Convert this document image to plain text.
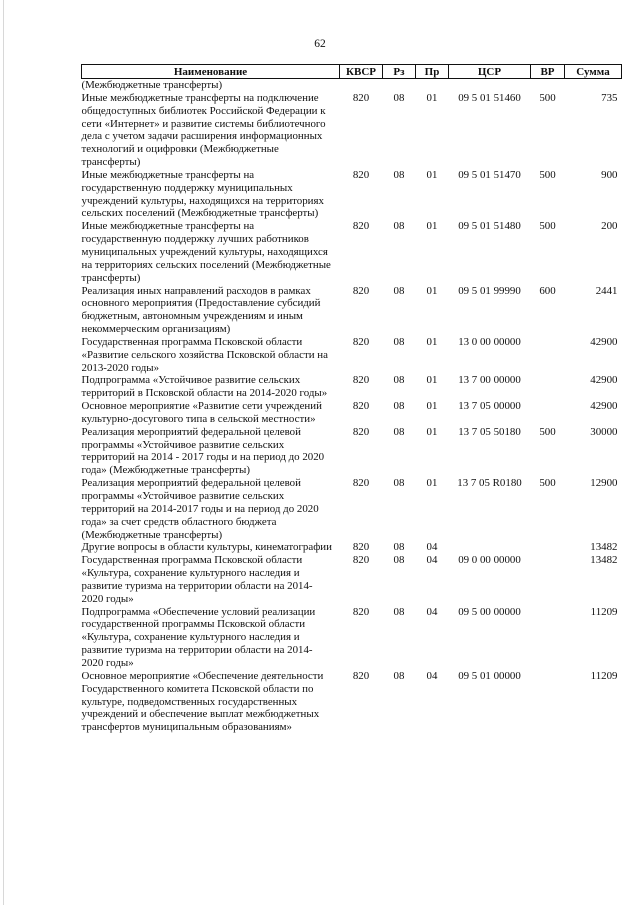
62
Наименование	КВСР	Рз	Пр	ЦСР	ВР	Сумма
(Межбюджетные трансферты)						
Иные межбюджетные трансферты на подключение общедоступных библиотек Российской Федерации к сети «Интернет» и развитие системы библиотечного дела с учетом задачи расширения информационных технологий и оцифровки (Межбюджетные трансферты)	820	08	01	09 5 01 51460	500	735
Иные межбюджетные трансферты на государственную поддержку муниципальных учреждений культуры, находящихся на территориях сельских поселений (Межбюджетные трансферты)	820	08	01	09 5 01 51470	500	900
Иные межбюджетные трансферты на государственную поддержку лучших работников муниципальных учреждений культуры, находящихся на территориях сельских поселений (Межбюджетные трансферты)	820	08	01	09 5 01 51480	500	200
Реализация иных направлений расходов в рамках основного мероприятия (Предоставление субсидий бюджетным, автономным учреждениям и иным некоммерческим организациям)	820	08	01	09 5 01 99990	600	2441
Государственная программа Псковской области «Развитие сельского хозяйства Псковской области на 2013-2020 годы»	820	08	01	13 0 00 00000		42900
Подпрограмма «Устойчивое развитие сельских территорий в Псковской области на 2014-2020 годы»	820	08	01	13 7 00 00000		42900
Основное мероприятие «Развитие сети учреждений культурно-досугового типа в сельской местности»	820	08	01	13 7 05 00000		42900
Реализация мероприятий федеральной целевой программы «Устойчивое развитие сельских территорий на 2014 - 2017 годы и на период до 2020 года» (Межбюджетные трансферты)	820	08	01	13 7 05 50180	500	30000
Реализация мероприятий федеральной целевой программы «Устойчивое развитие сельских территорий на 2014-2017 годы и на период до 2020 года» за счет средств областного бюджета (Межбюджетные трансферты)	820	08	01	13 7 05 R0180	500	12900
Другие вопросы в области культуры, кинематографии	820	08	04			13482
Государственная программа Псковской области «Культура, сохранение культурного наследия и развитие туризма на территории области на 2014-2020 годы»	820	08	04	09 0 00 00000		13482
Подпрограмма «Обеспечение условий реализации государственной программы Псковской области «Культура, сохранение культурного наследия и развитие туризма на территории области на 2014-2020 годы»	820	08	04	09 5 00 00000		11209
Основное мероприятие «Обеспечение деятельности Государственного комитета Псковской области по культуре, подведомственных государственных учреждений и обеспечение выплат межбюджетных трансфертов муниципальным образованиям»	820	08	04	09 5 01 00000		11209
